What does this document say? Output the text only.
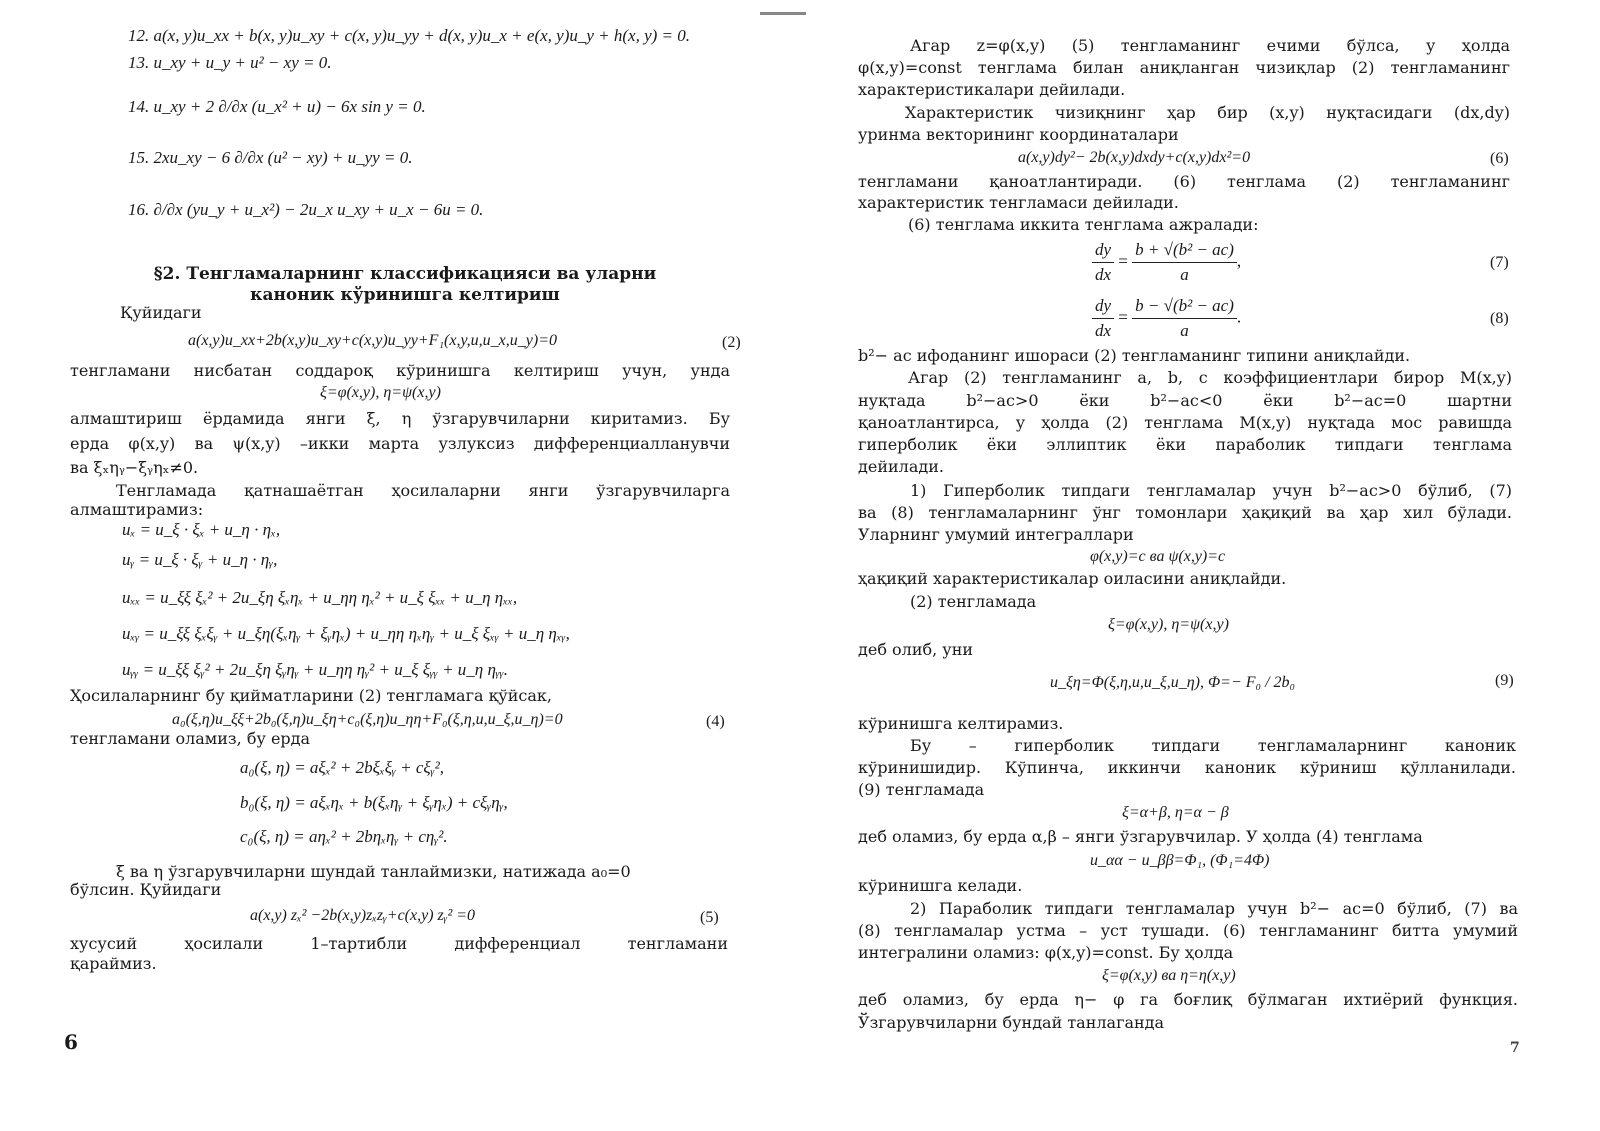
12. a(x, y)u_xx + b(x, y)u_xy + c(x, y)u_yy + d(x, y)u_x + e(x, y)u_y + h(x, y) = 0.
13. u_xy + u_y + u² − xy = 0.
14. u_xy + 2 ∂/∂x (u_x² + u) − 6x sin y = 0.
15. 2xu_xy − 6 ∂/∂x (u² − xy) + u_yy = 0.
16. ∂/∂x (yu_y + u_x²) − 2u_x u_xy + u_x − 6u = 0.
§2. Тенгламаларнинг классификацияси ва уларни
каноник кўринишга келтириш
Қуйидаги
a(x,y)u_xx+2b(x,y)u_xy+c(x,y)u_yy+F₁(x,y,u,u_x,u_y)=0	(2)
тенгламани нисбатан соддароқ кўринишга келтириш учун, унда
ξ=φ(x,y), η=ψ(x,y)
алмаштириш ёрдамида янги ξ, η ўзгарувчиларни киритамиз. Бу
ерда φ(x,y) ва ψ(x,y) –икки марта узлуксиз дифференциалланувчи
ва ξₓηᵧ−ξᵧηₓ≠0.
Тенгламада қатнашаётган ҳосилаларни янги ўзгарувчиларга
алмаштирамиз:
uₓ = u_ξ · ξₓ + u_η · ηₓ,
uᵧ = u_ξ · ξᵧ + u_η · ηᵧ,
uₓₓ = u_ξξ ξₓ² + 2u_ξη ξₓηₓ + u_ηη ηₓ² + u_ξ ξₓₓ + u_η ηₓₓ,
uₓᵧ = u_ξξ ξₓξᵧ + u_ξη(ξₓηᵧ + ξᵧηₓ) + u_ηη ηₓηᵧ + u_ξ ξₓᵧ + u_η ηₓᵧ,
uᵧᵧ = u_ξξ ξᵧ² + 2u_ξη ξᵧηᵧ + u_ηη ηᵧ² + u_ξ ξᵧᵧ + u_η ηᵧᵧ.
Ҳосилаларнинг бу қийматларини (2) тенгламага қўйсак,
a₀(ξ,η)u_ξξ+2b₀(ξ,η)u_ξη+c₀(ξ,η)u_ηη+F₀(ξ,η,u,u_ξ,u_η)=0	(4)
тенгламани оламиз, бу ерда
a₀(ξ, η) = aξₓ² + 2bξₓξᵧ + cξᵧ²,
b₀(ξ, η) = aξₓηₓ + b(ξₓηᵧ + ξᵧηₓ) + cξᵧηᵧ,
c₀(ξ, η) = aηₓ² + 2bηₓηᵧ + cηᵧ².
ξ ва η ўзгарувчиларни шундай танлаймизки, натижада a₀=0
бўлсин. Қуйидаги
a(x,y) zₓ² −2b(x,y)zₓzᵧ+c(x,y) zᵧ² =0	(5)
хусусий ҳосилали 1–тартибли дифференциал тенгламани
қараймиз.
6
Агар z=φ(x,y) (5) тенгламанинг ечими бўлса, у ҳолда
φ(x,y)=const тенглама билан аниқланган чизиқлар (2) тенгламанинг
характеристикалари дейилади.
Характеристик чизиқнинг ҳар бир (x,y) нуқтасидаги (dx,dy)
уринма векторининг координаталари
a(x,y)dy²− 2b(x,y)dxdy+c(x,y)dx²=0	(6)
тенгламани қаноатлантиради. (6) тенглама (2) тенгламанинг
характеристик тенгламаси дейилади.
(6) тенглама иккита тенглама ажралади:
$\frac{dy}{dx} = \frac{\text{b + √(b² − ac)}}{a}$ ,	(7)
$\frac{dy}{dx} = \frac{\text{b − √(b² − ac)}}{a}$ .	(8)
b²− ac ифоданинг ишораси (2) тенгламанинг типини аниқлайди.
Агар (2) тенгламанинг a, b, c коэффициентлари бирор M(x,y)
нуқтада b²−ac>0 ёки b²−ac<0 ёки b²−ac=0 шартни
қаноатлантирса, у ҳолда (2) тенглама M(x,y) нуқтада мос равишда
гиперболик ёки эллиптик ёки параболик типдаги тенглама
дейилади.
1) Гиперболик типдаги тенгламалар учун b²−ac>0 бўлиб, (7)
ва (8) тенгламаларнинг ўнг томонлари ҳақиқий ва ҳар хил бўлади.
Уларнинг умумий интеграллари
φ(x,y)=c ва ψ(x,y)=c
ҳақиқий характеристикалар оиласини аниқлайди.
(2) тенгламада
ξ=φ(x,y), η=ψ(x,y)
деб олиб, уни
u_ξη=Φ(ξ,η,u,u_ξ,u_η), Φ=− F₀ / 2b₀	(9)
кўринишга келтирамиз.
Бу – гиперболик типдаги тенгламаларнинг каноник
кўринишидир. Кўпинча, иккинчи каноник кўриниш қўлланилади.
(9) тенгламада
ξ=α+β, η=α − β
деб оламиз, бу ерда α,β – янги ўзгарувчилар. У ҳолда (4) тенглама
u_αα − u_ββ=Φ₁, (Φ₁=4Φ)
кўринишга келади.
2) Параболик типдаги тенгламалар учун b²− ac=0 бўлиб, (7) ва
(8) тенгламалар устма – уст тушади. (6) тенгламанинг битта умумий
интегралини оламиз: φ(x,y)=const. Бу ҳолда
ξ=φ(x,y) ва η=η(x,y)
деб оламиз, бу ерда η− φ га боғлиқ бўлмаган ихтиёрий функция.
Ўзгарувчиларни бундай танлаганда
7
